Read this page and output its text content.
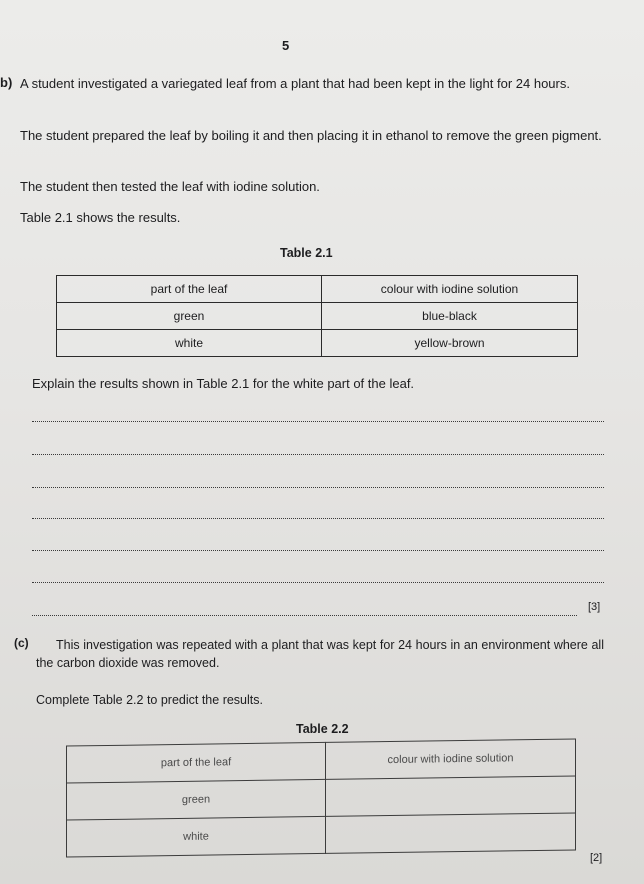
5
b) A student investigated a variegated leaf from a plant that had been kept in the light for 24 hours.
The student prepared the leaf by boiling it and then placing it in ethanol to remove the green pigment.
The student then tested the leaf with iodine solution.
Table 2.1 shows the results.
Table 2.1
part of the leaf	colour with iodine solution
green	blue-black
white	yellow-brown
Explain the results shown in Table 2.1 for the white part of the leaf.
[3]
(c)	This investigation was repeated with a plant that was kept for 24 hours in an environment where all the carbon dioxide was removed.
Complete Table 2.2 to predict the results.
Table 2.2
part of the leaf	colour with iodine solution
green	
white	
[2]
